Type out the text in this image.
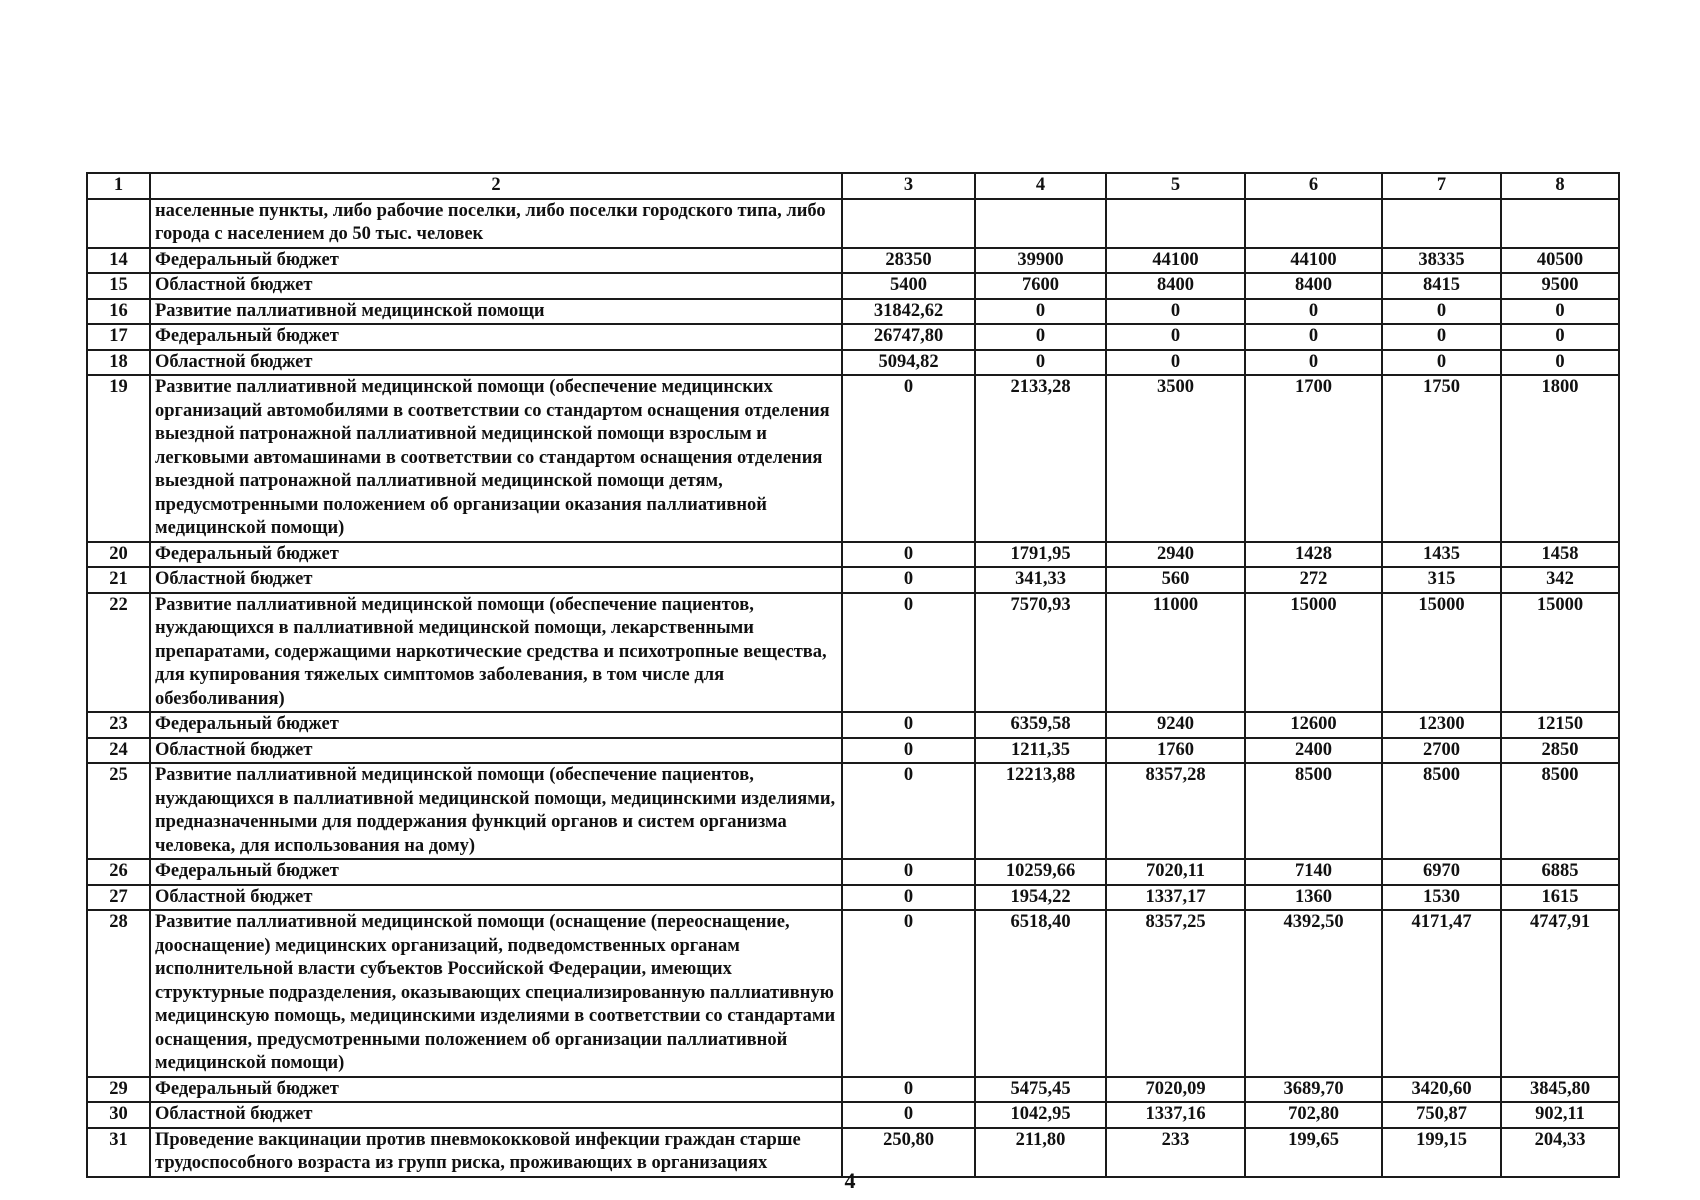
1	2	3	4	5	6	7	8
	населенные пункты, либо рабочие поселки, либо поселки городского типа, либо города с населением до 50 тыс. человек						
14	Федеральный бюджет	28350	39900	44100	44100	38335	40500
15	Областной бюджет	5400	7600	8400	8400	8415	9500
16	Развитие паллиативной медицинской помощи	31842,62	0	0	0	0	0
17	Федеральный бюджет	26747,80	0	0	0	0	0
18	Областной бюджет	5094,82	0	0	0	0	0
19	Развитие паллиативной медицинской помощи (обеспечение медицинских организаций автомобилями в соответствии со стандартом оснащения отделения выездной патронажной паллиативной медицинской помощи взрослым и легковыми автомашинами в соответствии со стандартом оснащения отделения выездной патронажной паллиативной медицинской помощи детям, предусмотренными положением об организации оказания паллиативной медицинской помощи)	0	2133,28	3500	1700	1750	1800
20	Федеральный бюджет	0	1791,95	2940	1428	1435	1458
21	Областной бюджет	0	341,33	560	272	315	342
22	Развитие паллиативной медицинской помощи (обеспечение пациентов, нуждающихся в паллиативной медицинской помощи, лекарственными препаратами, содержащими наркотические средства и психотропные вещества, для купирования тяжелых симптомов заболевания, в том числе для обезболивания)	0	7570,93	11000	15000	15000	15000
23	Федеральный бюджет	0	6359,58	9240	12600	12300	12150
24	Областной бюджет	0	1211,35	1760	2400	2700	2850
25	Развитие паллиативной медицинской помощи (обеспечение пациентов, нуждающихся в паллиативной медицинской помощи, медицинскими изделиями, предназначенными для поддержания функций органов и систем организма человека, для использования на дому)	0	12213,88	8357,28	8500	8500	8500
26	Федеральный бюджет	0	10259,66	7020,11	7140	6970	6885
27	Областной бюджет	0	1954,22	1337,17	1360	1530	1615
28	Развитие паллиативной медицинской помощи (оснащение (переоснащение, дооснащение) медицинских организаций, подведомственных органам исполнительной власти субъектов Российской Федерации, имеющих структурные подразделения, оказывающих специализированную паллиативную медицинскую помощь, медицинскими изделиями в соответствии со стандартами оснащения, предусмотренными положением об организации паллиативной медицинской помощи)	0	6518,40	8357,25	4392,50	4171,47	4747,91
29	Федеральный бюджет	0	5475,45	7020,09	3689,70	3420,60	3845,80
30	Областной бюджет	0	1042,95	1337,16	702,80	750,87	902,11
31	Проведение вакцинации против пневмококковой инфекции граждан старше трудоспособного возраста из групп риска, проживающих в организациях	250,80	211,80	233	199,65	199,15	204,33
4
